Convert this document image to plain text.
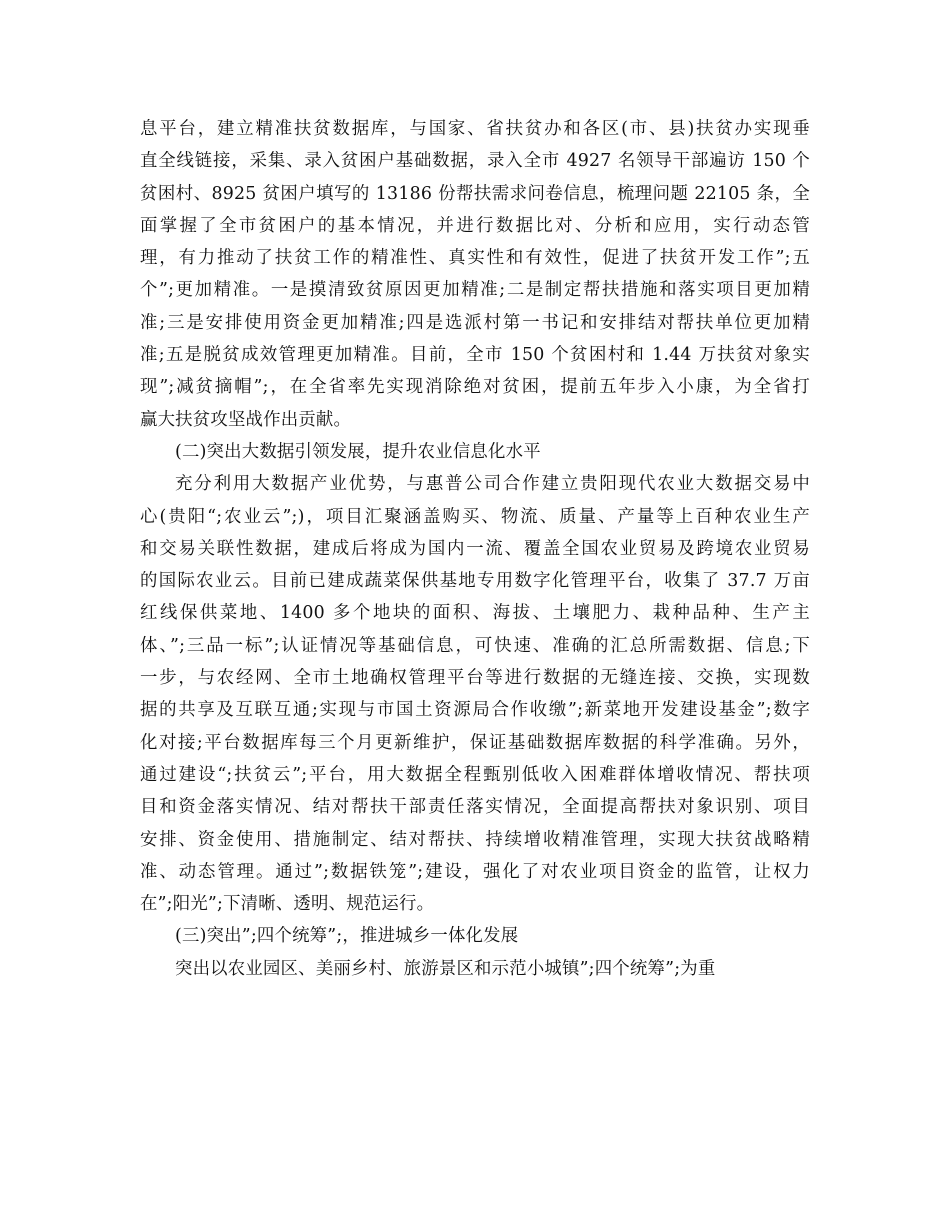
息平台，建立精准扶贫数据库，与国家、省扶贫办和各区(市、县)扶贫办实现垂
直全线链接，采集、录入贫困户基础数据，录入全市 4927 名领导干部遍访 150 个
贫困村、8925 贫困户填写的 13186 份帮扶需求问卷信息，梳理问题 22105 条，全
面掌握了全市贫困户的基本情况，并进行数据比对、分析和应用，实行动态管
理，有力推动了扶贫工作的精准性、真实性和有效性，促进了扶贫开发工作”;五
个”;更加精准。一是摸清致贫原因更加精准;二是制定帮扶措施和落实项目更加精
准;三是安排使用资金更加精准;四是选派村第一书记和安排结对帮扶单位更加精
准;五是脱贫成效管理更加精准。目前，全市 150 个贫困村和 1.44 万扶贫对象实
现”;减贫摘帽”;，在全省率先实现消除绝对贫困，提前五年步入小康，为全省打
赢大扶贫攻坚战作出贡献。
(二)突出大数据引领发展，提升农业信息化水平
充分利用大数据产业优势，与惠普公司合作建立贵阳现代农业大数据交易中
心(贵阳“;农业云”;)，项目汇聚涵盖购买、物流、质量、产量等上百种农业生产
和交易关联性数据，建成后将成为国内一流、覆盖全国农业贸易及跨境农业贸易
的国际农业云。目前已建成蔬菜保供基地专用数字化管理平台，收集了 37.7 万亩
红线保供菜地、1400 多个地块的面积、海拔、土壤肥力、栽种品种、生产主
体、”;三品一标”;认证情况等基础信息，可快速、准确的汇总所需数据、信息;下
一步，与农经网、全市土地确权管理平台等进行数据的无缝连接、交换，实现数
据的共享及互联互通;实现与市国土资源局合作收缴”;新菜地开发建设基金”;数字
化对接;平台数据库每三个月更新维护，保证基础数据库数据的科学准确。另外，
通过建设“;扶贫云”;平台，用大数据全程甄别低收入困难群体增收情况、帮扶项
目和资金落实情况、结对帮扶干部责任落实情况，全面提高帮扶对象识别、项目
安排、资金使用、措施制定、结对帮扶、持续增收精准管理，实现大扶贫战略精
准、动态管理。通过”;数据铁笼”;建设，强化了对农业项目资金的监管，让权力
在”;阳光”;下清晰、透明、规范运行。
(三)突出”;四个统筹”;，推进城乡一体化发展
突出以农业园区、美丽乡村、旅游景区和示范小城镇”;四个统筹”;为重
